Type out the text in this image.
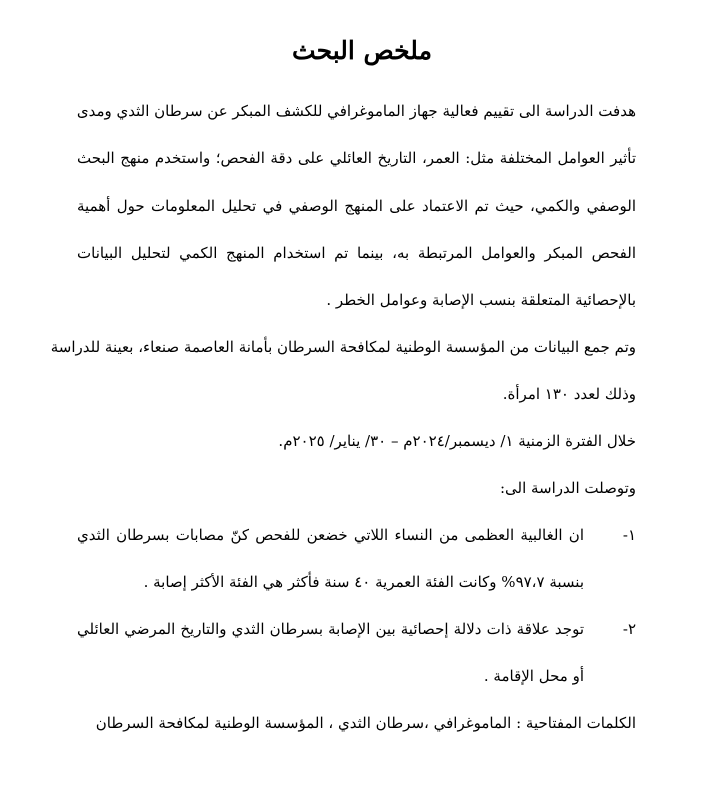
ملخص البحث
هدفت الدراسة الى تقييم فعالية جهاز الماموغرافي للكشف المبكر عن سرطان الثدي ومدى
تأثير العوامل المختلفة مثل: العمر، التاريخ العائلي على دقة الفحص؛ واستخدم منهج البحث
الوصفي والكمي، حيث تم الاعتماد على المنهج الوصفي في تحليل المعلومات حول أهمية
الفحص المبكر والعوامل المرتبطة به، بينما تم استخدام المنهج الكمي لتحليل البيانات
بالإحصائية المتعلقة بنسب الإصابة وعوامل الخطر .
وتم جمع البيانات من المؤسسة الوطنية لمكافحة السرطان بأمانة العاصمة صنعاء، بعينة للدراسة
وذلك لعدد ١٣٠ امرأة.
خلال الفترة الزمنية ١/ ديسمبر/٢٠٢٤م – ٣٠/ يناير/ ٢٠٢٥م.
وتوصلت الدراسة الى:
١-
ان الغالبية العظمى من النساء اللاتي خضعن للفحص كنّ مصابات بسرطان الثدي
بنسبة ٩٧،٧% وكانت الفئة العمرية ٤٠ سنة فأكثر هي الفئة الأكثر إصابة .
٢-
توجد علاقة ذات دلالة إحصائية بين الإصابة بسرطان الثدي والتاريخ المرضي العائلي
أو محل الإقامة .
الكلمات المفتاحية : الماموغرافي ،سرطان الثدي ، المؤسسة الوطنية لمكافحة السرطان
